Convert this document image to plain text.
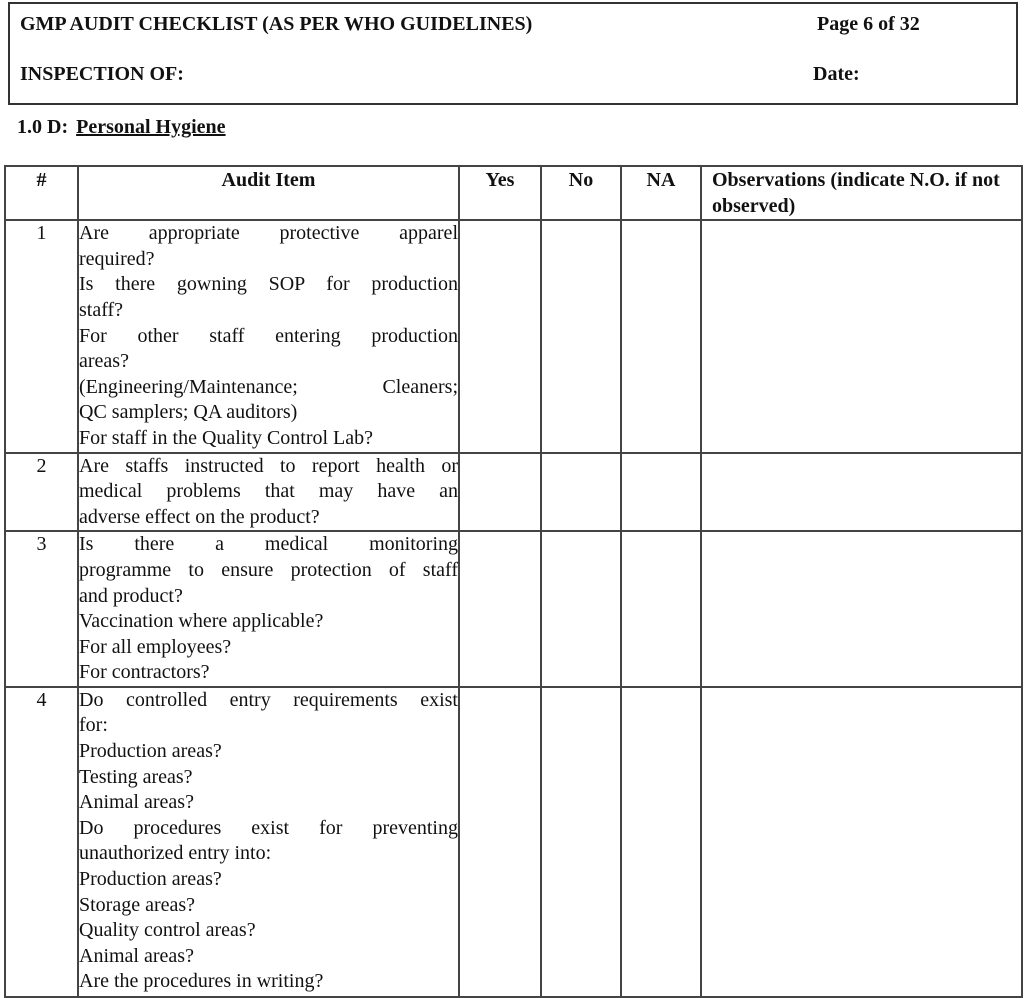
GMP AUDIT CHECKLIST (AS PER WHO GUIDELINES)	Page 6 of 32
INSPECTION OF:	Date:
1.0 D: Personal Hygiene
#	Audit Item	Yes	No	NA	Observations (indicate N.O. if not observed)
1	Are appropriate protective apparel
required?
Is there gowning SOP for production
staff?
For other staff entering production
areas?
(Engineering/Maintenance; Cleaners;
QC samplers; QA auditors)
For staff in the Quality Control Lab?

2	Are staffs instructed to report health or
medical problems that may have an
adverse effect on the product?				

3	Is there a medical monitoring
programme to ensure protection of staff
and product?
Vaccination where applicable?
For all employees?
For contractors?

4	Do controlled entry requirements exist
for:
Production areas?
Testing areas?
Animal areas?
Do procedures exist for preventing
unauthorized entry into:
Production areas?
Storage areas?
Quality control areas?
Animal areas?
Are the procedures in writing?
